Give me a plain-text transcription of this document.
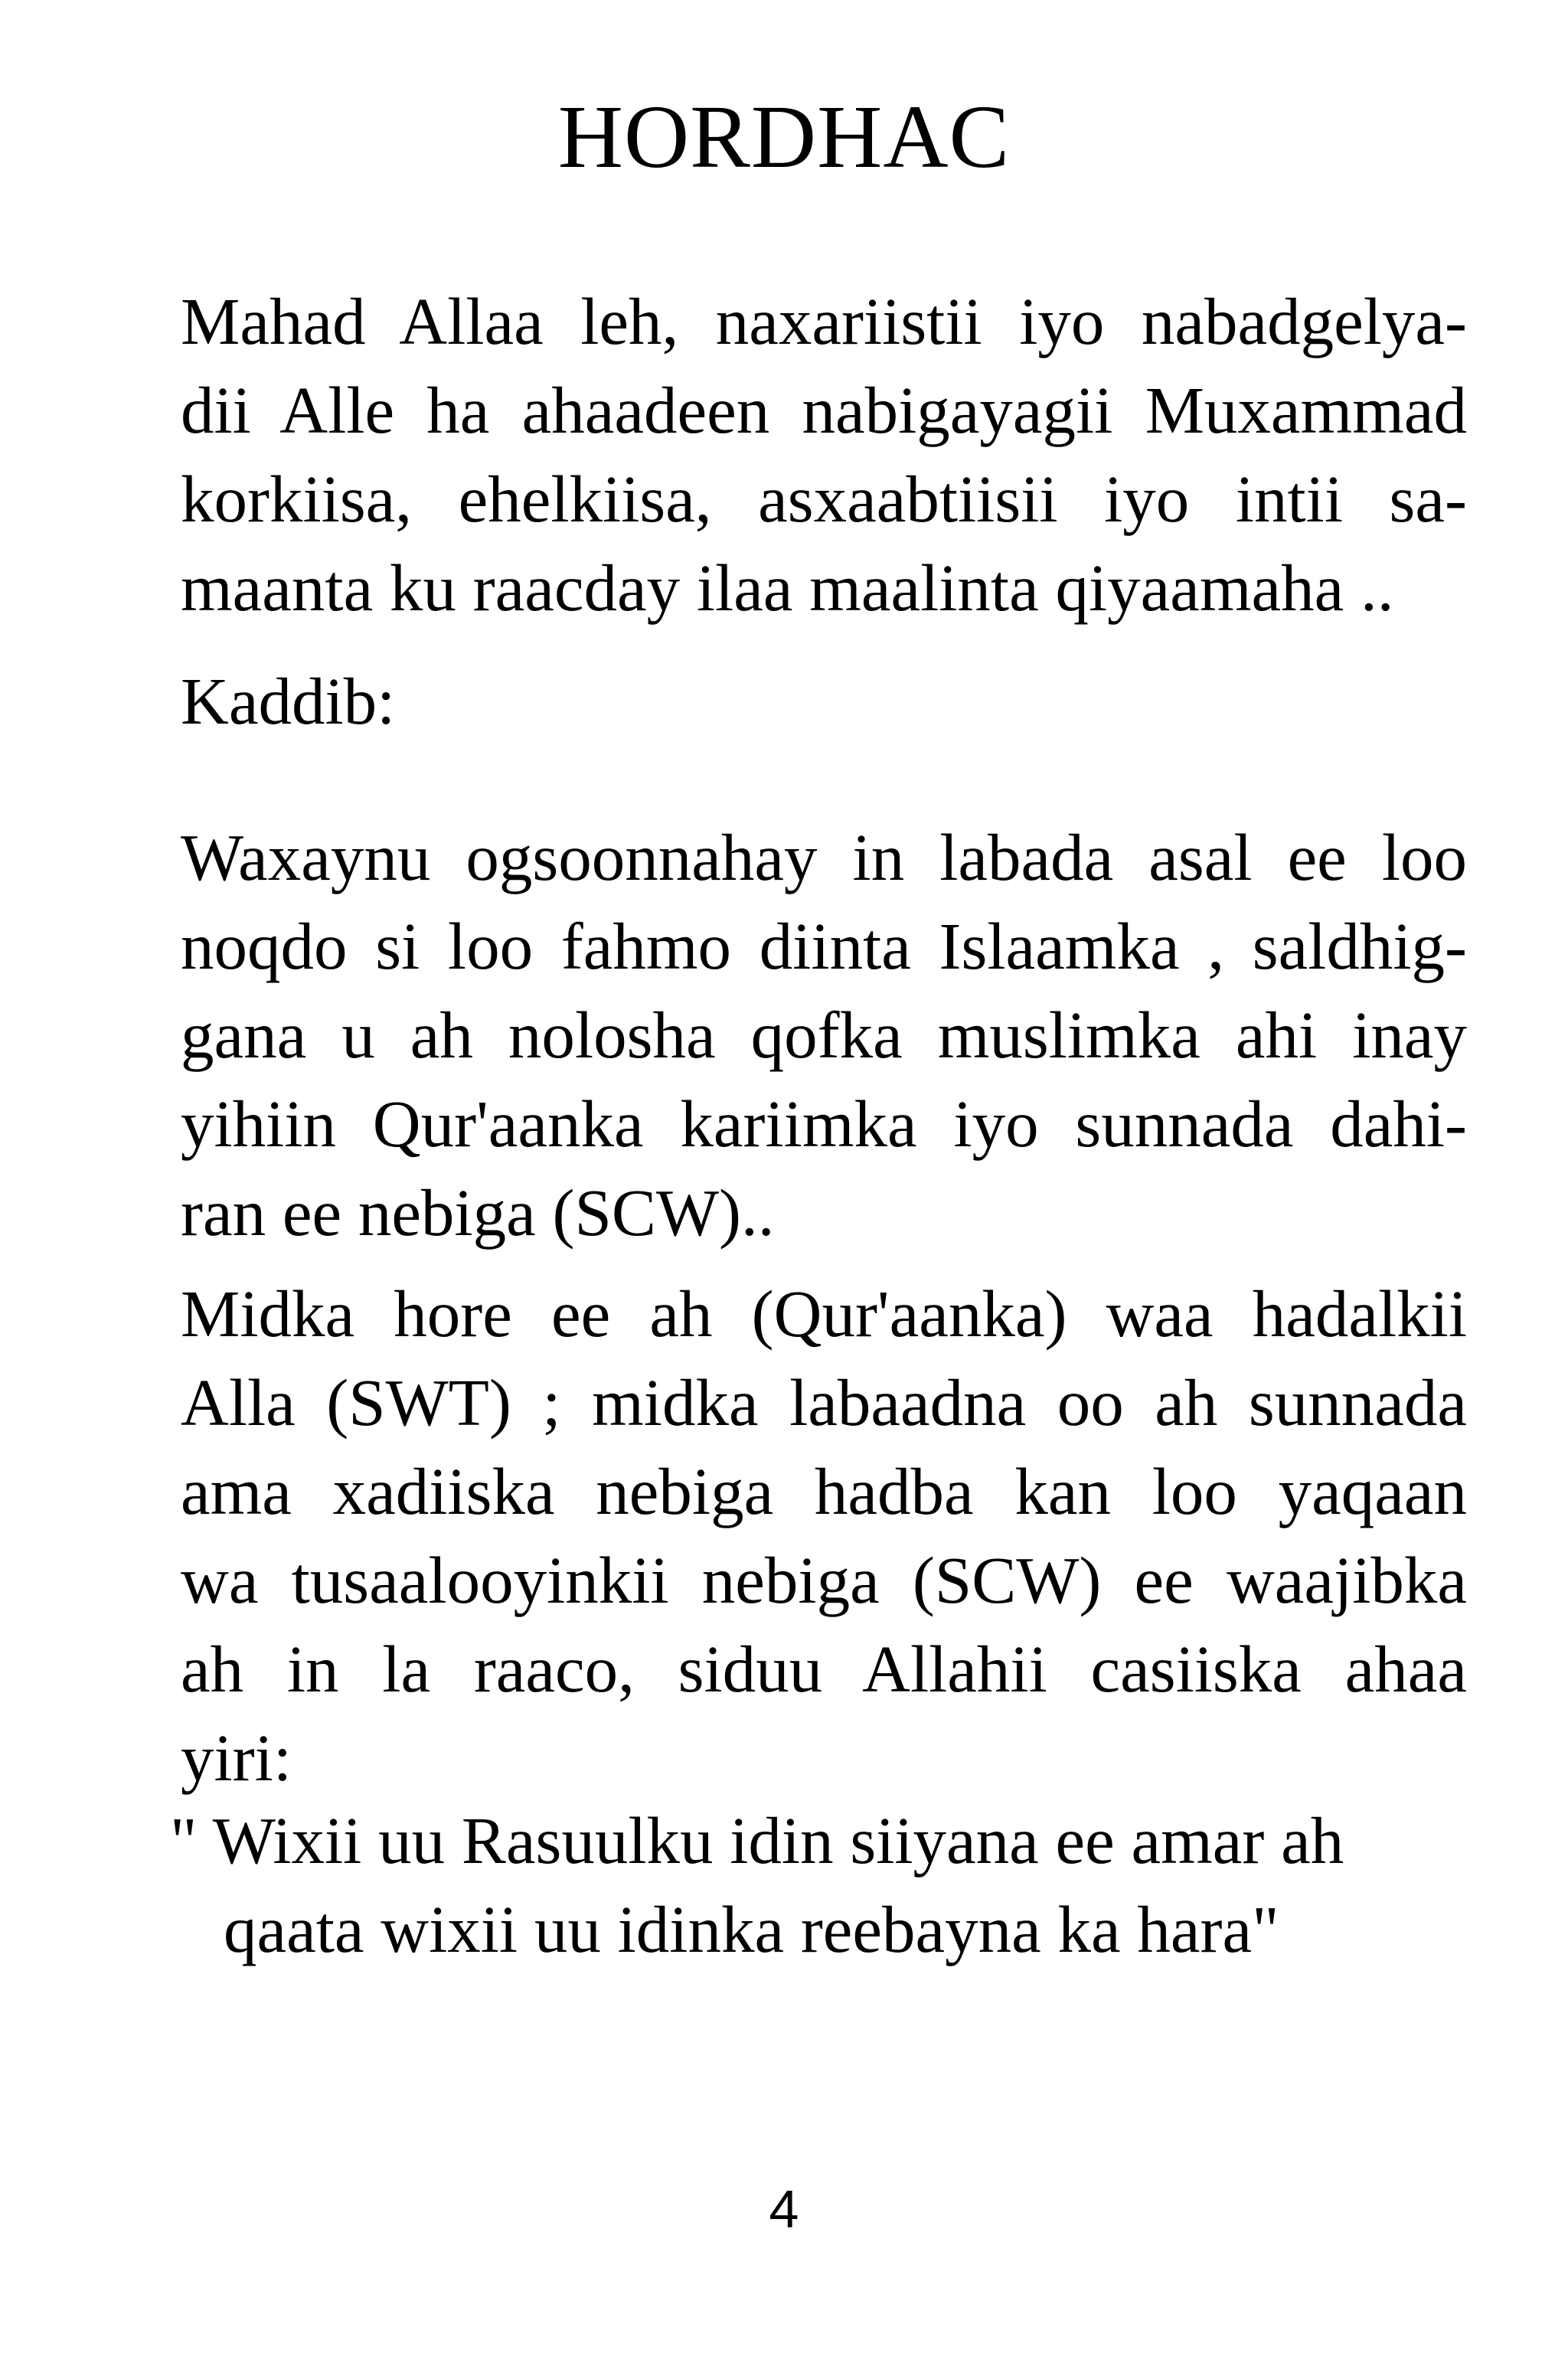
HORDHAC
Mahad Allaa leh, naxariistii iyo nabadgelya-
dii Alle ha ahaadeen nabigayagii Muxammad
korkiisa, ehelkiisa, asxaabtiisii iyo intii sa-
maanta ku raacday ilaa maalinta qiyaamaha ..
Kaddib:
Waxaynu ogsoonnahay in labada asal ee loo
noqdo si loo fahmo diinta Islaamka , saldhig-
gana u ah nolosha qofka muslimka ahi inay
yihiin Qur'aanka kariimka iyo sunnada dahi-
ran ee nebiga (SCW)..
Midka hore ee ah (Qur'aanka) waa hadalkii
Alla (SWT) ; midka labaadna oo ah sunnada
ama xadiiska nebiga hadba kan loo yaqaan
wa tusaalooyinkii nebiga (SCW) ee waajibka
ah in la raaco, siduu Allahii casiiska ahaa
yiri:
" Wixii uu Rasuulku idin siiyana ee amar ah
qaata wixii uu idinka reebayna ka hara"
4
